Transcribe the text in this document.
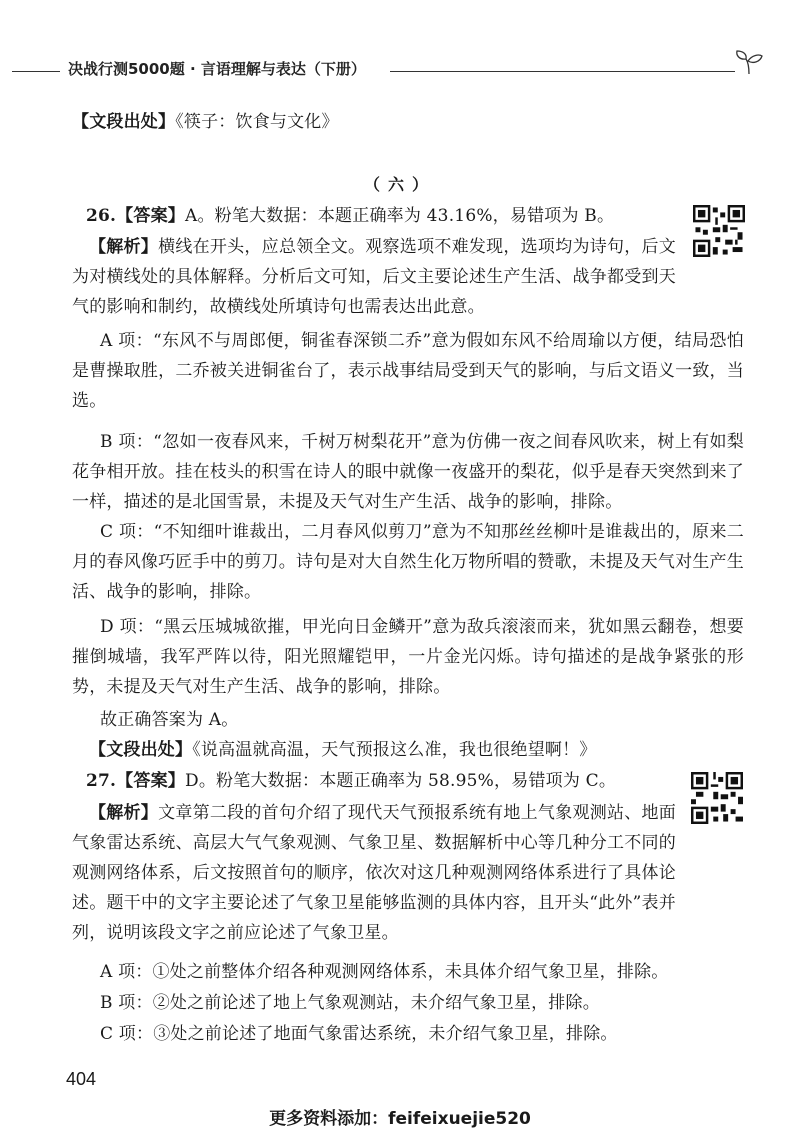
决战行测5000题 · 言语理解与表达（下册）
【文段出处】《筷子：饮食与文化》
（六）
26.【答案】A。粉笔大数据：本题正确率为 43.16%，易错项为 B。
【解析】横线在开头，应总领全文。观察选项不难发现，选项均为诗句，后文为对横线处的具体解释。分析后文可知，后文主要论述生产生活、战争都受到天气的影响和制约，故横线处所填诗句也需表达出此意。
A 项：“东风不与周郎便，铜雀春深锁二乔”意为假如东风不给周瑜以方便，结局恐怕是曹操取胜，二乔被关进铜雀台了，表示战事结局受到天气的影响，与后文语义一致，当选。
B 项：“忽如一夜春风来，千树万树梨花开”意为仿佛一夜之间春风吹来，树上有如梨花争相开放。挂在枝头的积雪在诗人的眼中就像一夜盛开的梨花，似乎是春天突然到来了一样，描述的是北国雪景，未提及天气对生产生活、战争的影响，排除。
C 项：“不知细叶谁裁出，二月春风似剪刀”意为不知那丝丝柳叶是谁裁出的，原来二月的春风像巧匠手中的剪刀。诗句是对大自然生化万物所唱的赞歌，未提及天气对生产生活、战争的影响，排除。
D 项：“黑云压城城欲摧，甲光向日金鳞开”意为敌兵滚滚而来，犹如黑云翻卷，想要摧倒城墙，我军严阵以待，阳光照耀铠甲，一片金光闪烁。诗句描述的是战争紧张的形势，未提及天气对生产生活、战争的影响，排除。
故正确答案为 A。
【文段出处】《说高温就高温，天气预报这么准，我也很绝望啊！》
27.【答案】D。粉笔大数据：本题正确率为 58.95%，易错项为 C。
【解析】文章第二段的首句介绍了现代天气预报系统有地上气象观测站、地面气象雷达系统、高层大气气象观测、气象卫星、数据解析中心等几种分工不同的观测网络体系，后文按照首句的顺序，依次对这几种观测网络体系进行了具体论述。题干中的文字主要论述了气象卫星能够监测的具体内容，且开头“此外”表并列，说明该段文字之前应论述了气象卫星。
A 项：①处之前整体介绍各种观测网络体系，未具体介绍气象卫星，排除。
B 项：②处之前论述了地上气象观测站，未介绍气象卫星，排除。
C 项：③处之前论述了地面气象雷达系统，未介绍气象卫星，排除。
404
更多资料添加：feifeixuejie520
